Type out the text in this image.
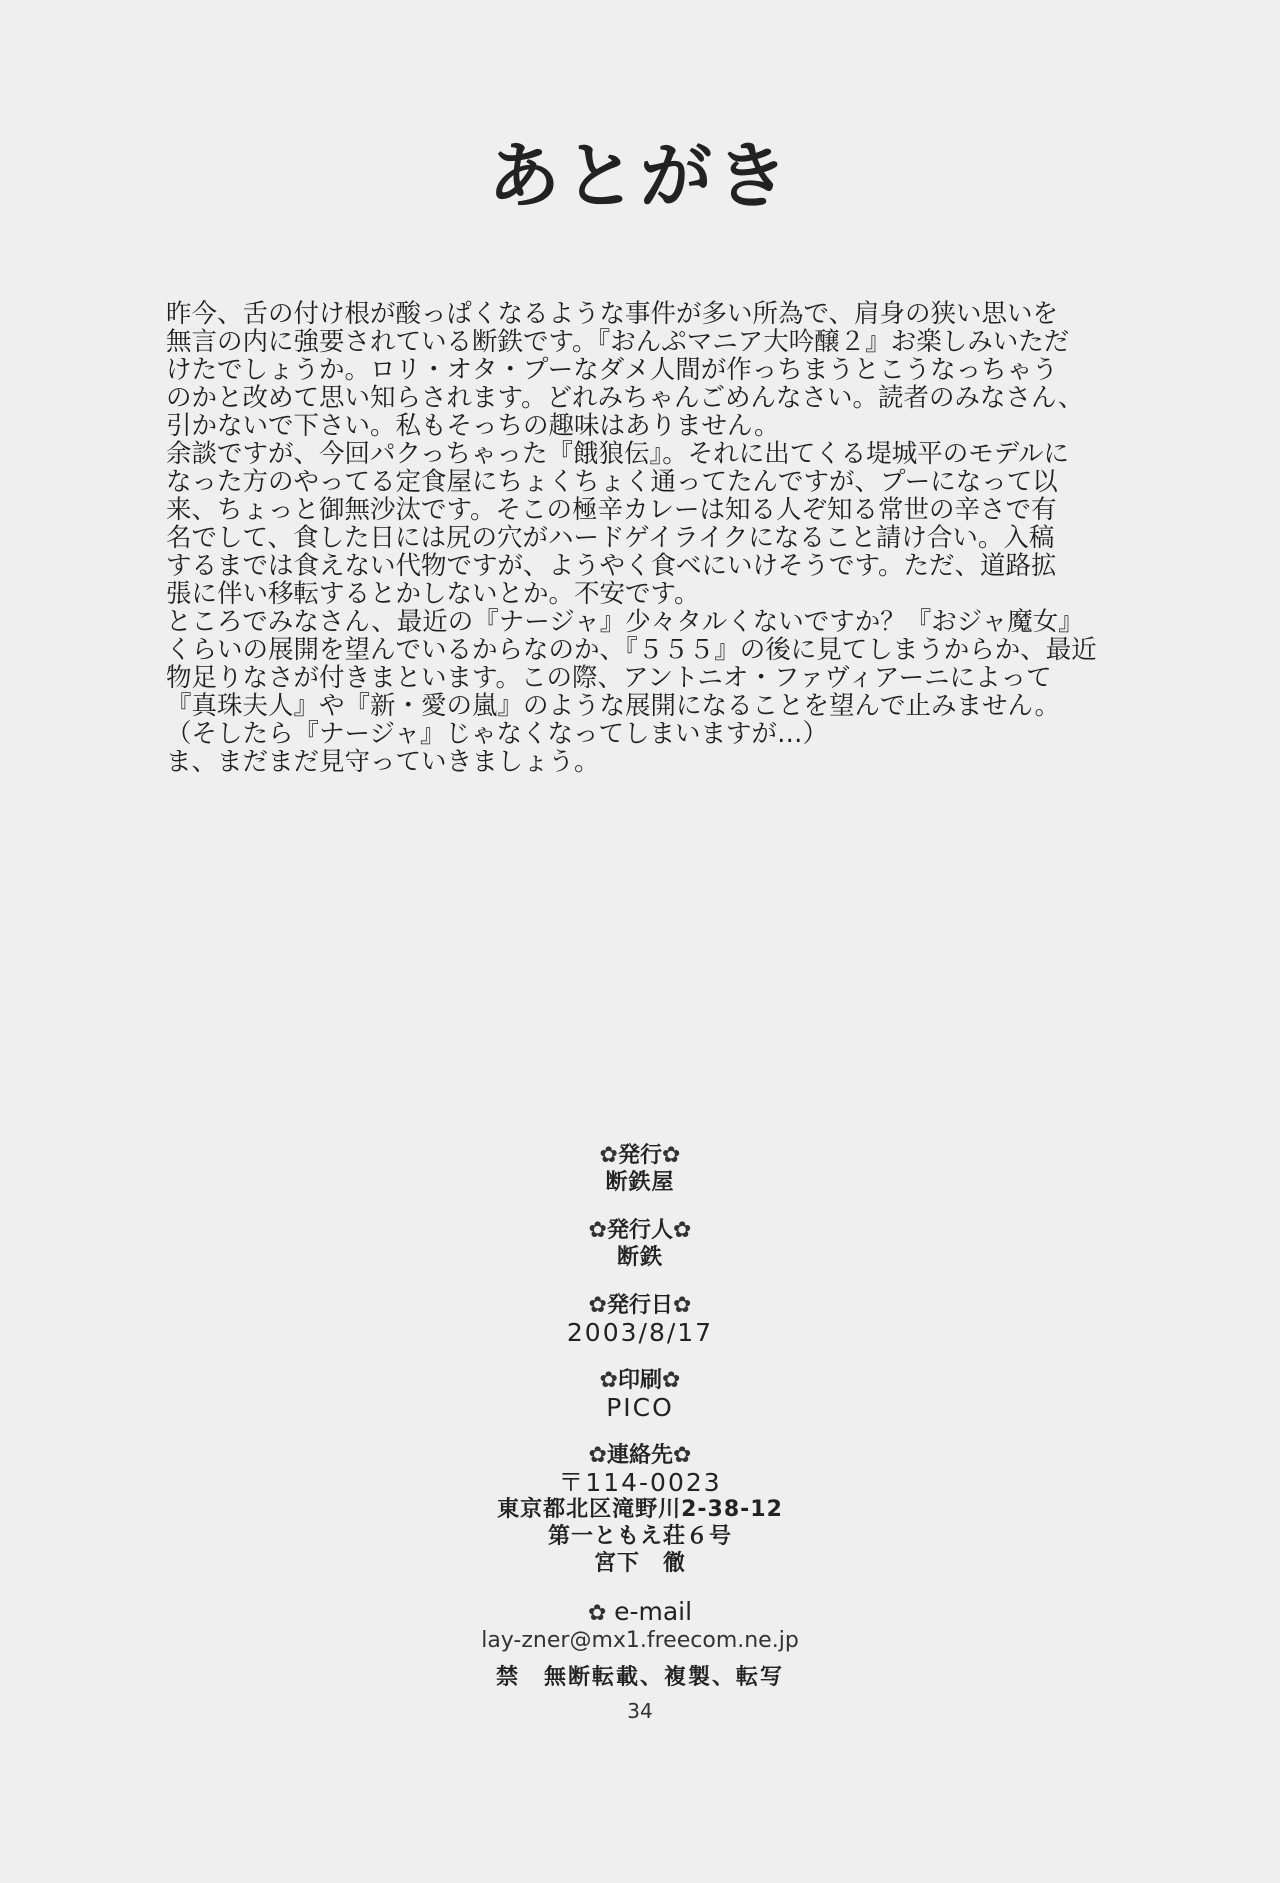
あとがき
昨今、舌の付け根が酸っぱくなるような事件が多い所為で、肩身の狭い思いを
無言の内に強要されている断鉄です。『おんぷマニア大吟醸２』お楽しみいただ
けたでしょうか。ロリ・オタ・プーなダメ人間が作っちまうとこうなっちゃう
のかと改めて思い知らされます。どれみちゃんごめんなさい。読者のみなさん、
引かないで下さい。私もそっちの趣味はありません。
余談ですが、今回パクっちゃった『餓狼伝』。それに出てくる堤城平のモデルに
なった方のやってる定食屋にちょくちょく通ってたんですが、プーになって以
来、ちょっと御無沙汰です。そこの極辛カレーは知る人ぞ知る常世の辛さで有
名でして、食した日には尻の穴がハードゲイライクになること請け合い。入稿
するまでは食えない代物ですが、ようやく食べにいけそうです。ただ、道路拡
張に伴い移転するとかしないとか。不安です。
ところでみなさん、最近の『ナージャ』少々タルくないですか？『おジャ魔女』
くらいの展開を望んでいるからなのか、『５５５』の後に見てしまうからか、最近
物足りなさが付きまといます。この際、アントニオ・ファヴィアーニによって
『真珠夫人』や『新・愛の嵐』のような展開になることを望んで止みません。
（そしたら『ナージャ』じゃなくなってしまいますが…）
ま、まだまだ見守っていきましょう。
✿発行✿
断鉄屋
✿発行人✿
断鉄
✿発行日✿
2003/8/17
✿印刷✿
PICO
✿連絡先✿
〒114-0023
東京都北区滝野川2-38-12
第一ともえ荘６号
宮下　徹
✿ e-mail
lay-zner@mx1.freecom.ne.jp
禁　無断転載、複製、転写
34
